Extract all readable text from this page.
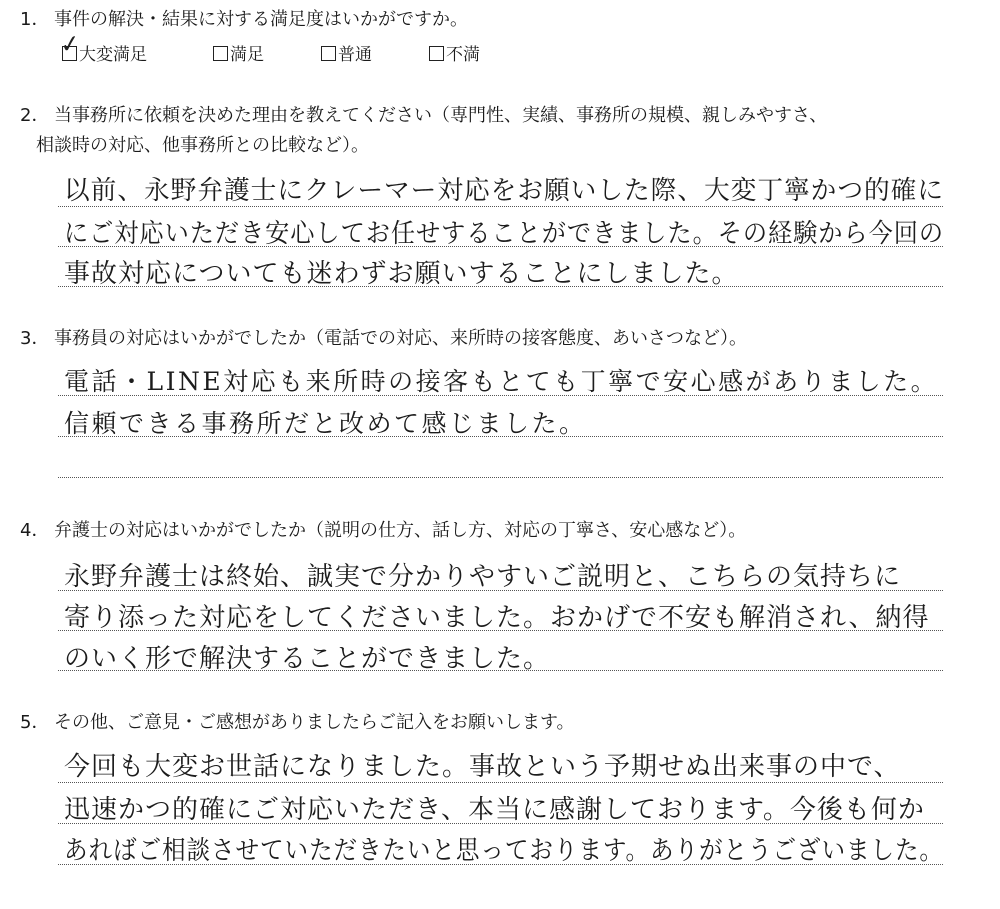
1． 事件の解決・結果に対する満足度はいかがですか。
✓
大変満足	満足	普通	不満
2． 当事務所に依頼を決めた理由を教えてください（専門性、実績、事務所の規模、親しみやすさ、
相談時の対応、他事務所との比較など）。
以前、永野弁護士にクレーマー対応をお願いした際、大変丁寧かつ的確に
にご対応いただき安心してお任せすることができました。その経験から今回の
事故対応についても迷わずお願いすることにしました。
3． 事務員の対応はいかがでしたか（電話での対応、来所時の接客態度、あいさつなど）。
電話・LINE対応も来所時の接客もとても丁寧で安心感がありました。
信頼できる事務所だと改めて感じました。
4． 弁護士の対応はいかがでしたか（説明の仕方、話し方、対応の丁寧さ、安心感など）。
永野弁護士は終始、誠実で分かりやすいご説明と、こちらの気持ちに
寄り添った対応をしてくださいました。おかげで不安も解消され、納得
のいく形で解決することができました。
5． その他、ご意見・ご感想がありましたらご記入をお願いします。
今回も大変お世話になりました。事故という予期せぬ出来事の中で、
迅速かつ的確にご対応いただき、本当に感謝しております。今後も何か
あればご相談させていただきたいと思っております。ありがとうございました。
